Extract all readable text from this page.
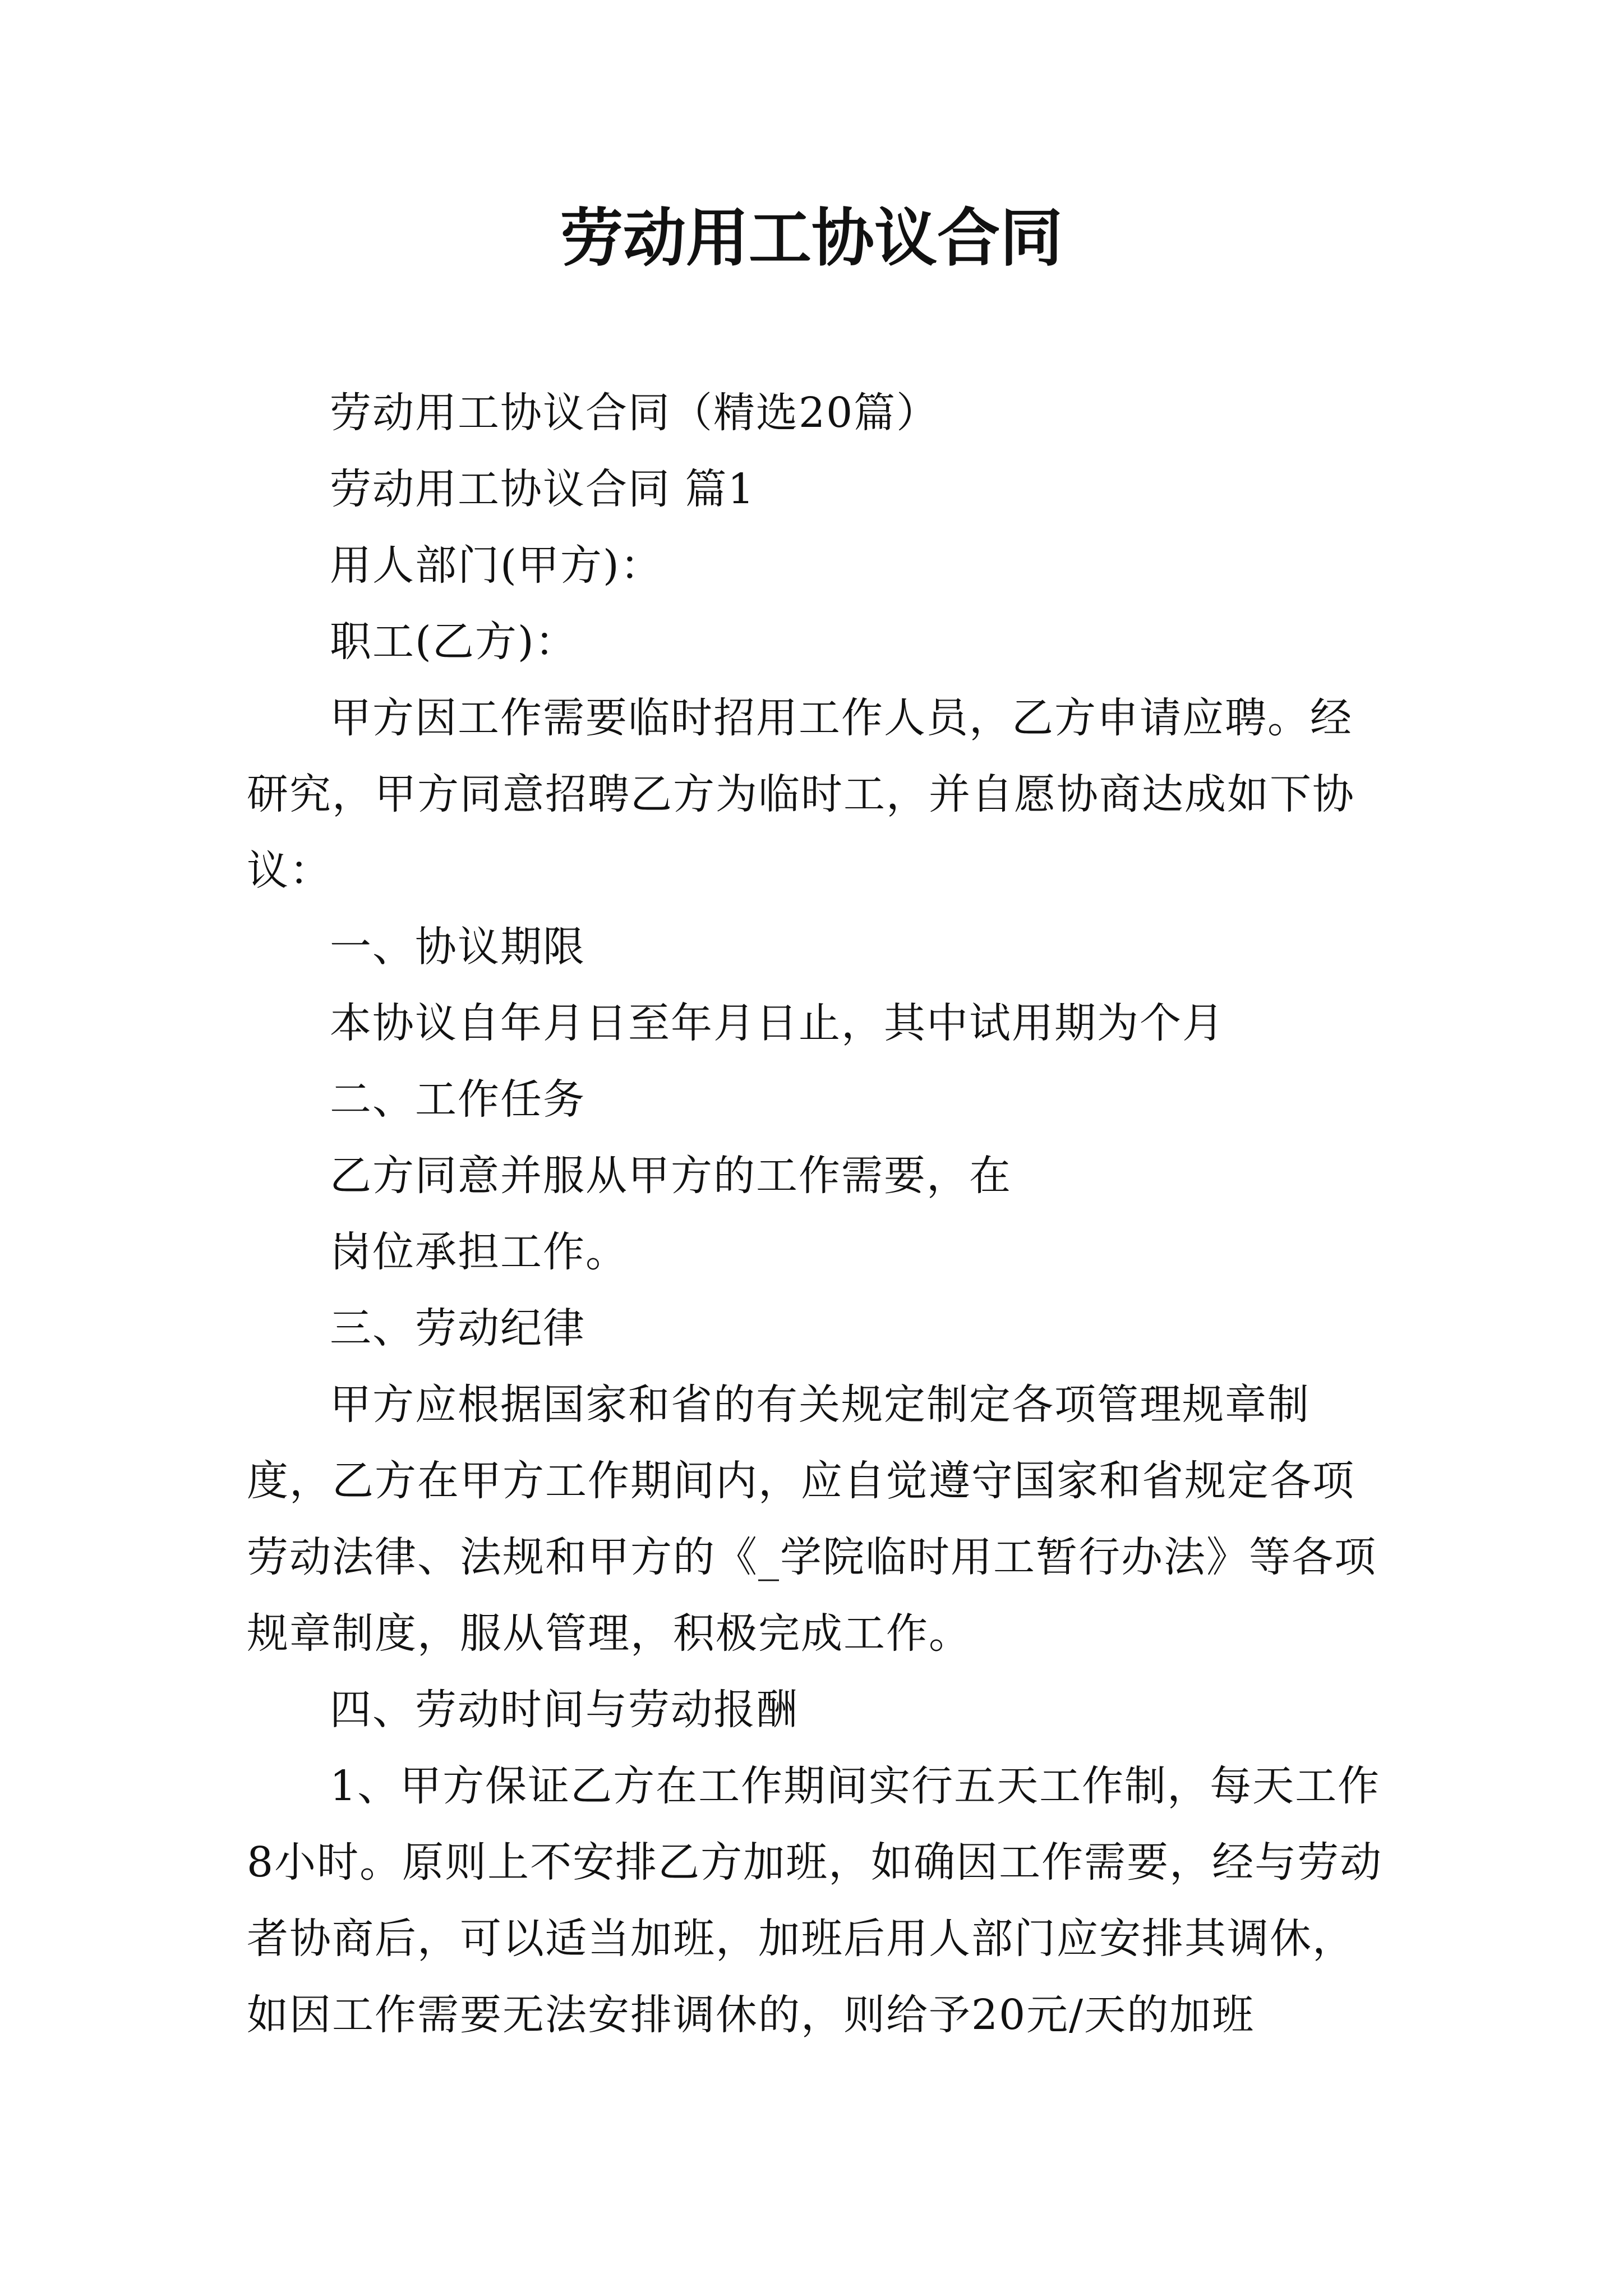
劳动用工协议合同

劳动用工协议合同（精选20篇）

劳动用工协议合同 篇1

用人部门(甲方)：

职工(乙方)：

甲方因工作需要临时招用工作人员，乙方申请应聘。经研究，甲方同意招聘乙方为临时工，并自愿协商达成如下协议：

一、协议期限

本协议自年月日至年月日止，其中试用期为个月

二、工作任务

乙方同意并服从甲方的工作需要，在

岗位承担工作。

三、劳动纪律

甲方应根据国家和省的有关规定制定各项管理规章制度，乙方在甲方工作期间内，应自觉遵守国家和省规定各项劳动法律、法规和甲方的《_学院临时用工暂行办法》等各项规章制度，服从管理，积极完成工作。

四、劳动时间与劳动报酬

1、甲方保证乙方在工作期间实行五天工作制，每天工作8小时。原则上不安排乙方加班，如确因工作需要，经与劳动者协商后，可以适当加班，加班后用人部门应安排其调休，如因工作需要无法安排调休的，则给予20元/天的加班
